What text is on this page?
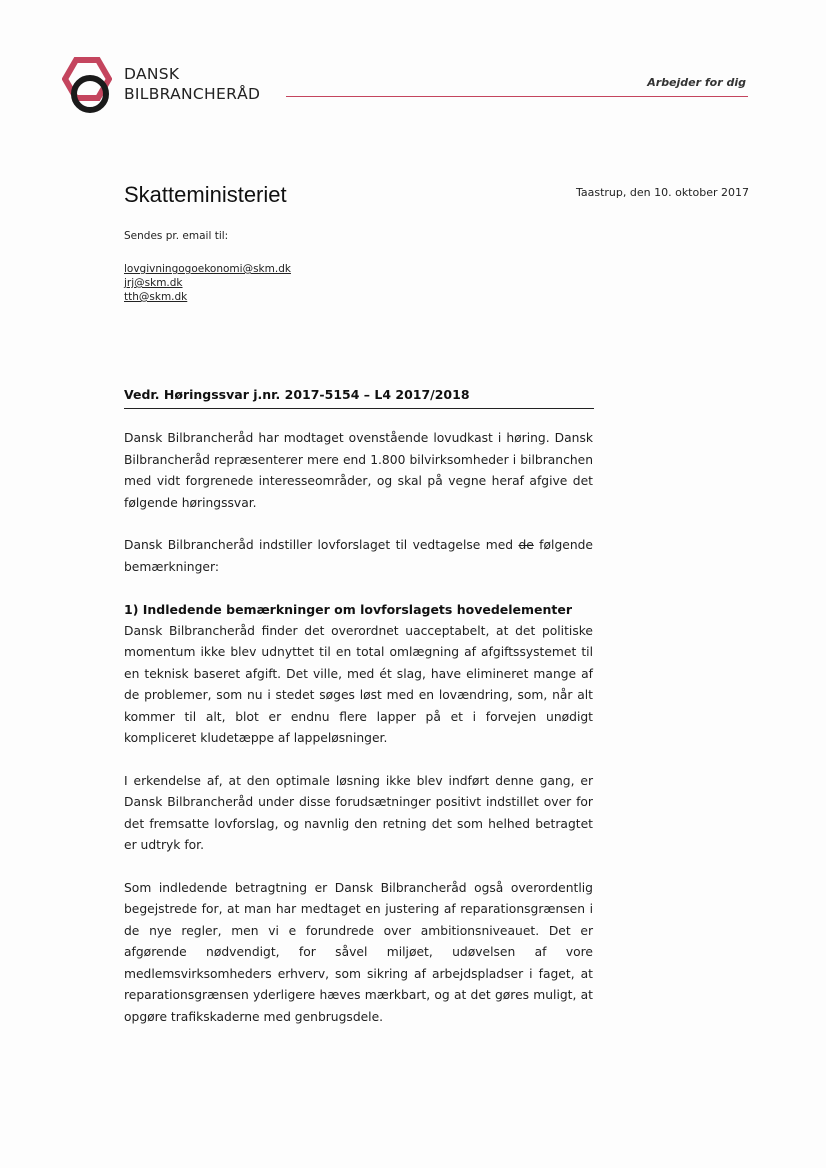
DANSK
BILBRANCHERÅD
Arbejder for dig
Skatteministeriet	Taastrup, den 10. oktober 2017
Sendes pr. email til:
lovgivningogoekonomi@skm.dk
jrj@skm.dk
tth@skm.dk
Vedr. Høringssvar j.nr. 2017-5154 – L4 2017/2018

Dansk Bilbrancheråd har modtaget ovenstående lovudkast i høring. Dansk Bilbrancheråd repræsenterer mere end 1.800 bilvirksomheder i bilbranchen med vidt forgrenede interesseområder, og skal på vegne heraf afgive det følgende høringssvar.

Dansk Bilbrancheråd indstiller lovforslaget til vedtagelse med de følgende bemærkninger:

1) Indledende bemærkninger om lovforslagets hovedelementer

Dansk Bilbrancheråd finder det overordnet uacceptabelt, at det politiske momentum ikke blev udnyttet til en total omlægning af afgiftssystemet til en teknisk baseret afgift. Det ville, med ét slag, have elimineret mange af de problemer, som nu i stedet søges løst med en lovændring, som, når alt kommer til alt, blot er endnu flere lapper på et i forvejen unødigt kompliceret kludetæppe af lappeløsninger.

I erkendelse af, at den optimale løsning ikke blev indført denne gang, er Dansk Bilbrancheråd under disse forudsætninger positivt indstillet over for det fremsatte lovforslag, og navnlig den retning det som helhed betragtet er udtryk for.

Som indledende betragtning er Dansk Bilbrancheråd også overordentlig begejstrede for, at man har medtaget en justering af reparationsgrænsen i de nye regler, men vi e forundrede over ambitionsniveauet. Det er afgørende nødvendigt, for såvel miljøet, udøvelsen af vore medlemsvirksomheders erhverv, som sikring af arbejdspladser i faget, at reparationsgrænsen yderligere hæves mærkbart, og at det gøres muligt, at opgøre trafikskaderne med genbrugsdele.
